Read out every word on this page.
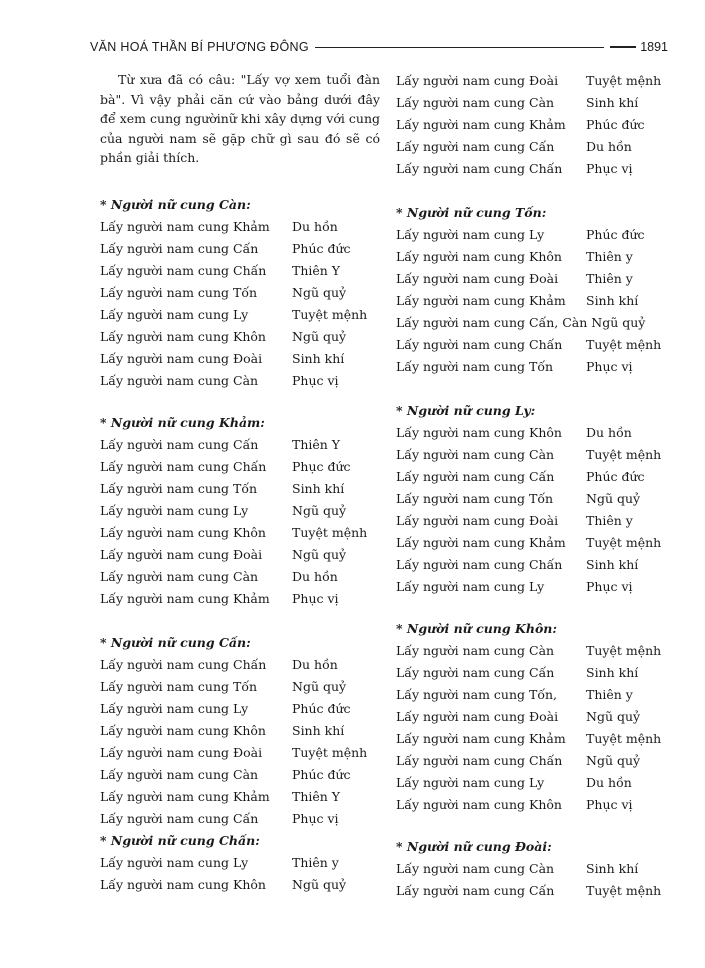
VĂN HOÁ THẦN BÍ PHƯƠNG ĐÔNG	1891

Từ xưa đã có câu: "Lấy vợ xem tuổi đàn bà". Vì vậy phải căn cứ vào bảng dưới đây để xem cung ngườinữ khi xây dựng với cung của người nam sẽ gặp chữ gì sau đó sẽ có phần giải thích.

* Người nữ cung Càn:
Lấy người nam cung Khảm	Du hồn
Lấy người nam cung Cấn	Phúc đức
Lấy người nam cung Chấn	Thiên Y
Lấy người nam cung Tốn	Ngũ quỷ
Lấy người nam cung Ly	Tuyệt mệnh
Lấy người nam cung Khôn	Ngũ quỷ
Lấy người nam cung Đoài	Sinh khí
Lấy người nam cung Càn	Phục vị
* Người nữ cung Khảm:
Lấy người nam cung Cấn	Thiên Y
Lấy người nam cung Chấn	Phục đức
Lấy người nam cung Tốn	Sinh khí
Lấy người nam cung Ly	Ngũ quỷ
Lấy người nam cung Khôn	Tuyệt mệnh
Lấy người nam cung Đoài	Ngũ quỷ
Lấy người nam cung Càn	Du hồn
Lấy người nam cung Khảm	Phục vị
* Người nữ cung Cấn:
Lấy người nam cung Chấn	Du hồn
Lấy người nam cung Tốn	Ngũ quỷ
Lấy người nam cung Ly	Phúc đức
Lấy người nam cung Khôn	Sinh khí
Lấy người nam cung Đoài	Tuyệt mệnh
Lấy người nam cung Càn	Phúc đức
Lấy người nam cung Khảm	Thiên Y
Lấy người nam cung Cấn	Phục vị
* Người nữ cung Chấn:
Lấy người nam cung Ly	Thiên y
Lấy người nam cung Khôn	Ngũ quỷ
Lấy người nam cung Đoài	Tuyệt mệnh
Lấy người nam cung Càn	Sinh khí
Lấy người nam cung Khảm	Phúc đức
Lấy người nam cung Cấn	Du hồn
Lấy người nam cung Chấn	Phục vị
* Người nữ cung Tốn:
Lấy người nam cung Ly	Phúc đức
Lấy người nam cung Khôn	Thiên y
Lấy người nam cung Đoài	Thiên y
Lấy người nam cung Khảm	Sinh khí
Lấy người nam cung Cấn, Càn Ngũ quỷ
Lấy người nam cung Chấn	Tuyệt mệnh
Lấy người nam cung Tốn	Phục vị
* Người nữ cung Ly:
Lấy người nam cung Khôn	Du hồn
Lấy người nam cung Càn	Tuyệt mệnh
Lấy người nam cung Cấn	Phúc đức
Lấy người nam cung Tốn	Ngũ quỷ
Lấy người nam cung Đoài	Thiên y
Lấy người nam cung Khảm	Tuyệt mệnh
Lấy người nam cung Chấn	Sinh khí
Lấy người nam cung Ly	Phục vị
* Người nữ cung Khôn:
Lấy người nam cung Càn	Tuyệt mệnh
Lấy người nam cung Cấn	Sinh khí
Lấy người nam cung Tốn,	Thiên y
Lấy người nam cung Đoài	Ngũ quỷ
Lấy người nam cung Khảm	Tuyệt mệnh
Lấy người nam cung Chấn	Ngũ quỷ
Lấy người nam cung Ly	Du hồn
Lấy người nam cung Khôn	Phục vị
* Người nữ cung Đoài:
Lấy người nam cung Càn	Sinh khí
Lấy người nam cung Cấn	Tuyệt mệnh
